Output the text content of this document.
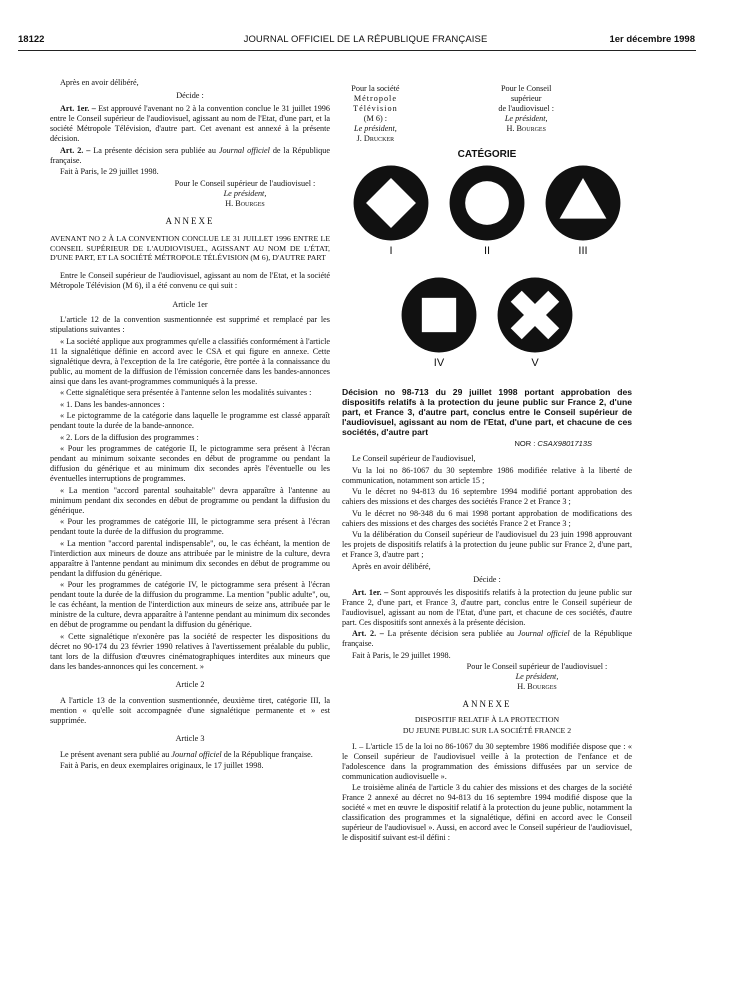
18122	JOURNAL OFFICIEL DE LA RÉPUBLIQUE FRANÇAISE	1er décembre 1998

Après en avoir délibéré,

Décide :

Art. 1er. – Est approuvé l'avenant no 2 à la convention conclue le 31 juillet 1996 entre le Conseil supérieur de l'audiovisuel, agissant au nom de l'Etat, d'une part, et la société Métropole Télévision, d'autre part. Cet avenant est annexé à la présente décision.

Art. 2. – La présente décision sera publiée au Journal officiel de la République française.

Fait à Paris, le 29 juillet 1998.

Pour le Conseil supérieur de l'audiovisuel :
Le président,
H. Bourges

ANNEXE

AVENANT NO 2 À LA CONVENTION CONCLUE LE 31 JUILLET 1996 ENTRE LE CONSEIL SUPÉRIEUR DE L'AUDIOVISUEL, AGISSANT AU NOM DE L'ÉTAT, D'UNE PART, ET LA SOCIÉTÉ MÉTROPOLE TÉLÉVISION (M 6), D'AUTRE PART

Entre le Conseil supérieur de l'audiovisuel, agissant au nom de l'Etat, et la société Métropole Télévision (M 6), il a été convenu ce qui suit :

Article 1er

L'article 12 de la convention susmentionnée est supprimé et remplacé par les stipulations suivantes :

« La société applique aux programmes qu'elle a classifiés conformément à l'article 11 la signalétique définie en accord avec le CSA et qui figure en annexe. Cette signalétique devra, à l'exception de la 1re catégorie, être portée à la connaissance du public, au moment de la diffusion de l'émission concernée dans les bandes-annonces ainsi que dans les avant-programmes communiqués à la presse.

« Cette signalétique sera présentée à l'antenne selon les modalités suivantes :

« 1. Dans les bandes-annonces :

« Le pictogramme de la catégorie dans laquelle le programme est classé apparaît pendant toute la durée de la bande-annonce.

« 2. Lors de la diffusion des programmes :

« Pour les programmes de catégorie II, le pictogramme sera présent à l'écran pendant au minimum soixante secondes en début de programme ou pendant la diffusion du générique et au minimum dix secondes après l'éventuelle ou les éventuelles interruptions de programmes.

« La mention "accord parental souhaitable" devra apparaître à l'antenne au minimum pendant dix secondes en début de programme ou pendant la diffusion du générique.

« Pour les programmes de catégorie III, le pictogramme sera présent à l'écran pendant toute la durée de la diffusion du programme.

« La mention "accord parental indispensable", ou, le cas échéant, la mention de l'interdiction aux mineurs de douze ans attribuée par le ministre de la culture, devra apparaître à l'antenne pendant au minimum dix secondes en début de programme ou pendant la diffusion du générique.

« Pour les programmes de catégorie IV, le pictogramme sera présent à l'écran pendant toute la durée de la diffusion du programme. La mention "public adulte", ou, le cas échéant, la mention de l'interdiction aux mineurs de seize ans, attribuée par le ministre de la culture, devra apparaître à l'antenne pendant au minimum dix secondes en début de programme ou pendant la diffusion du générique.

« Cette signalétique n'exonère pas la société de respecter les dispositions du décret no 90-174 du 23 février 1990 relatives à l'avertissement préalable du public, tant lors de la diffusion d'œuvres cinématographiques interdites aux mineurs que dans les bandes-annonces qui les concernent. »

Article 2

A l'article 13 de la convention susmentionnée, deuxième tiret, catégorie III, la mention « qu'elle soit accompagnée d'une signalétique permanente et » est supprimée.

Article 3

Le présent avenant sera publié au Journal officiel de la République française.

Fait à Paris, en deux exemplaires originaux, le 17 juillet 1998.

Pour la société
Métropole Télévision
(M 6) :
Le président,
J. Drucker
Pour le Conseil supérieur
de l'audiovisuel :
Le président,
H. Bourges
CATÉGORIE
I	II	III
IV	V

Décision no 98-713 du 29 juillet 1998 portant approbation des dispositifs relatifs à la protection du jeune public sur France 2, d'une part, et France 3, d'autre part, conclus entre le Conseil supérieur de l'audiovisuel, agissant au nom de l'Etat, d'une part, et chacune de ces sociétés, d'autre part

NOR : CSAX9801713S

Le Conseil supérieur de l'audiovisuel,

Vu la loi no 86-1067 du 30 septembre 1986 modifiée relative à la liberté de communication, notamment son article 15 ;

Vu le décret no 94-813 du 16 septembre 1994 modifié portant approbation des cahiers des missions et des charges des sociétés France 2 et France 3 ;

Vu le décret no 98-348 du 6 mai 1998 portant approbation de modifications des cahiers des missions et des charges des sociétés France 2 et France 3 ;

Vu la délibération du Conseil supérieur de l'audiovisuel du 23 juin 1998 approuvant les projets de dispositifs relatifs à la protection du jeune public sur France 2, d'une part, et France 3, d'autre part ;

Après en avoir délibéré,

Décide :

Art. 1er. – Sont approuvés les dispositifs relatifs à la protection du jeune public sur France 2, d'une part, et France 3, d'autre part, conclus entre le Conseil supérieur de l'audiovisuel, agissant au nom de l'Etat, d'une part, et chacune de ces sociétés, d'autre part. Ces dispositifs sont annexés à la présente décision.

Art. 2. – La présente décision sera publiée au Journal officiel de la République française.

Fait à Paris, le 29 juillet 1998.

Pour le Conseil supérieur de l'audiovisuel :
Le président,
H. Bourges

ANNEXE

DISPOSITIF RELATIF À LA PROTECTION

DU JEUNE PUBLIC SUR LA SOCIÉTÉ FRANCE 2

I. – L'article 15 de la loi no 86-1067 du 30 septembre 1986 modifiée dispose que : « le Conseil supérieur de l'audiovisuel veille à la protection de l'enfance et de l'adolescence dans la programmation des émissions diffusées par un service de communication audiovisuelle ».

Le troisième alinéa de l'article 3 du cahier des missions et des charges de la société France 2 annexé au décret no 94-813 du 16 septembre 1994 modifié dispose que la société « met en œuvre le dispositif relatif à la protection du jeune public, notamment la classification des programmes et la signalétique, défini en accord avec le Conseil supérieur de l'audiovisuel ». Aussi, en accord avec le Conseil supérieur de l'audiovisuel, le dispositif suivant est-il défini :
